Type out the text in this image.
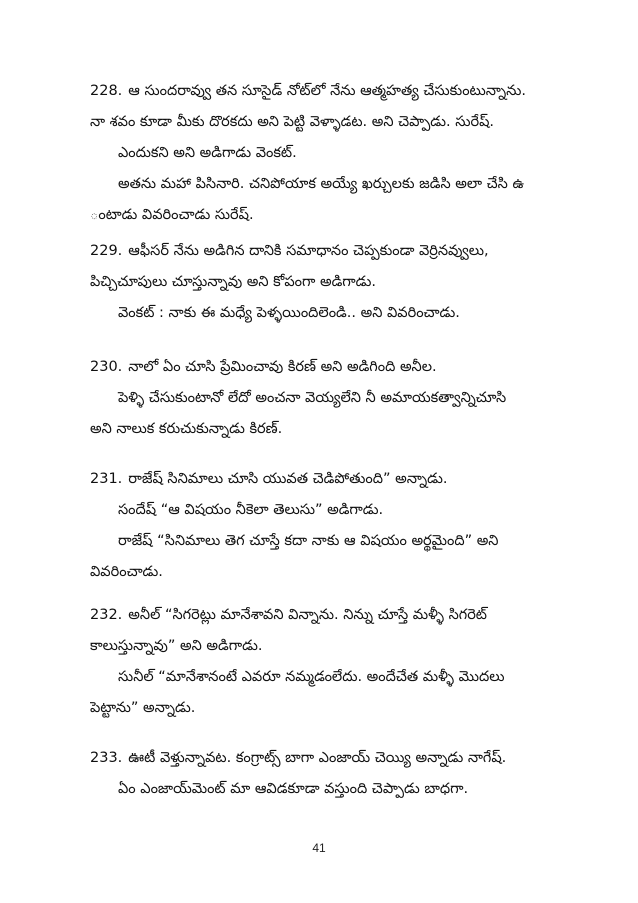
228. ఆ సుందరావ్వు తన సూసైడ్ నోట్‌లో నేను ఆత్మహత్య చేసుకుంటున్నాను.
నా శవం కూడా మీకు దొరకదు అని పెట్టి వెళ్ళాడట. అని చెప్పాడు. సురేష్.
ఎందుకని అని అడిగాడు వెంకట్.
అతను మహా పిసినారి. చనిపోయాక అయ్యే ఖర్చులకు జడిసి అలా చేసి ఉ
ంటాడు వివరించాడు సురేష్.
229. ఆఫీసర్ నేను అడిగిన దానికి సమాధానం చెప్పకుండా వెర్రినవ్వులు,
పిచ్చిచూపులు చూస్తున్నావు అని కోపంగా అడిగాడు.
వెంకట్ : నాకు ఈ మధ్యే పెళ్ళయిందిలెండి.. అని వివరించాడు.
230. నాలో ఏం చూసి ప్రేమించావు కిరణ్ అని అడిగింది అనీల.
పెళ్ళి చేసుకుంటానో లేదో అంచనా వెయ్యలేని నీ అమాయకత్వాన్నిచూసి
అని నాలుక కరుచుకున్నాడు కిరణ్.
231. రాజేష్ సినిమాలు చూసి యువత చెడిపోతుంది” అన్నాడు.
సందేష్ “ఆ విషయం నీకెలా తెలుసు” అడిగాడు.
రాజేష్ “సినిమాలు తెగ చూస్తే కదా నాకు ఆ విషయం అర్థమైంది” అని
వివరించాడు.
232. అనీల్ “సిగరెట్లు మానేశావని విన్నాను. నిన్ను చూస్తే మళ్ళీ సిగరెట్
కాలుస్తున్నావు” అని అడిగాడు.
సునీల్ “మానేశానంటే ఎవరూ నమ్మడంలేదు. అందేచేత మళ్ళీ మొదలు
పెట్టాను” అన్నాడు.
233. ఊటీ వెళ్తున్నావట. కంగ్రాట్స్ బాగా ఎంజాయ్ చెయ్యి అన్నాడు నాగేష్.
ఏం ఎంజాయ్‌మెంట్ మా ఆవిడకూడా వస్తుంది చెప్పాడు బాధగా.
41
